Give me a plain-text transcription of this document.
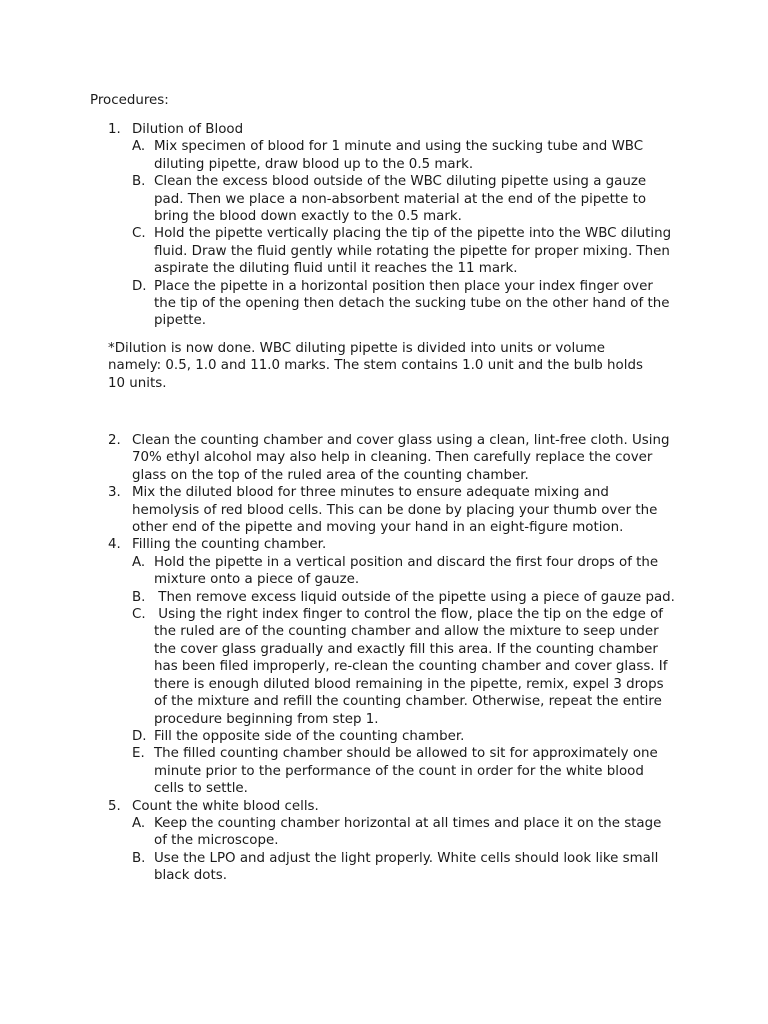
Procedures:
1. Dilution of Blood
A. Mix specimen of blood for 1 minute and using the sucking tube and WBC diluting pipette, draw blood up to the 0.5 mark.
B. Clean the excess blood outside of the WBC diluting pipette using a gauze pad. Then we place a non-absorbent material at the end of the pipette to bring the blood down exactly to the 0.5 mark.
C. Hold the pipette vertically placing the tip of the pipette into the WBC diluting fluid. Draw the fluid gently while rotating the pipette for proper mixing. Then aspirate the diluting fluid until it reaches the 11 mark.
D. Place the pipette in a horizontal position then place your index finger over the tip of the opening then detach the sucking tube on the other hand of the pipette.
*Dilution is now done. WBC diluting pipette is divided into units or volume namely: 0.5, 1.0 and 11.0 marks. The stem contains 1.0 unit and the bulb holds 10 units.
2. Clean the counting chamber and cover glass using a clean, lint-free cloth. Using 70% ethyl alcohol may also help in cleaning. Then carefully replace the cover glass on the top of the ruled area of the counting chamber.
3. Mix the diluted blood for three minutes to ensure adequate mixing and hemolysis of red blood cells. This can be done by placing your thumb over the other end of the pipette and moving your hand in an eight-figure motion.
4. Filling the counting chamber.
A. Hold the pipette in a vertical position and discard the first four drops of the mixture onto a piece of gauze.
B. Then remove excess liquid outside of the pipette using a piece of gauze pad.
C. Using the right index finger to control the flow, place the tip on the edge of the ruled are of the counting chamber and allow the mixture to seep under the cover glass gradually and exactly fill this area. If the counting chamber has been filed improperly, re-clean the counting chamber and cover glass. If there is enough diluted blood remaining in the pipette, remix, expel 3 drops of the mixture and refill the counting chamber. Otherwise, repeat the entire procedure beginning from step 1.
D. Fill the opposite side of the counting chamber.
E. The filled counting chamber should be allowed to sit for approximately one minute prior to the performance of the count in order for the white blood cells to settle.
5. Count the white blood cells.
A. Keep the counting chamber horizontal at all times and place it on the stage of the microscope.
B. Use the LPO and adjust the light properly. White cells should look like small black dots.
